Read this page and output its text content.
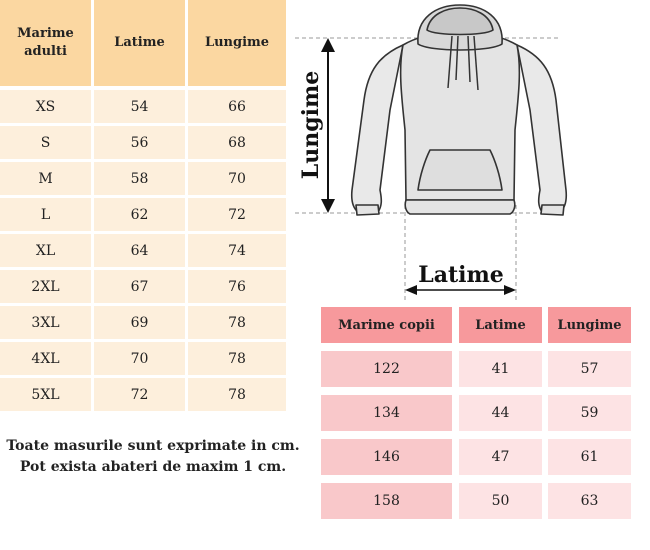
Marime
adulti
Latime	Lungime
XS	54	66
S	56	68
M	58	70
L	62	72
XL	64	74
2XL	67	76
3XL	69	78
4XL	70	78
5XL	72	78
Toate masurile sunt exprimate in cm.
Pot exista abateri de maxim 1 cm.
Lungime
Latime
Marime copii	Latime	Lungime
122	41	57
134	44	59
146	47	61
158	50	63
